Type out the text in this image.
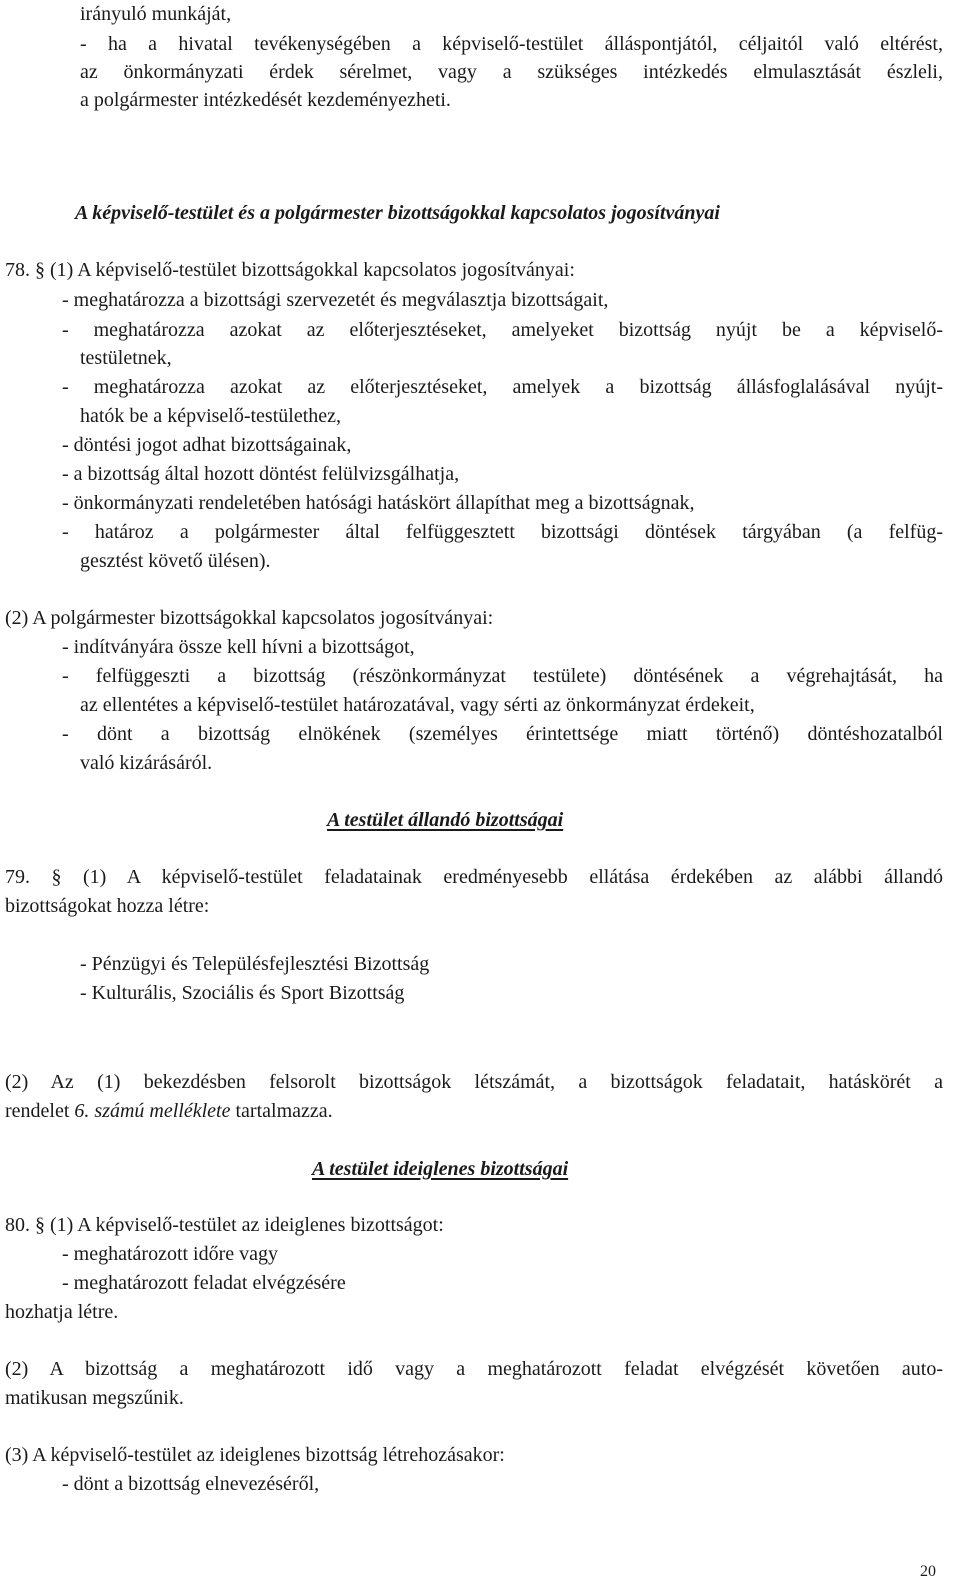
irányuló munkáját,
- ha a hivatal tevékenységében a képviselő-testület álláspontjától, céljaitól való eltérést,
az önkormányzati érdek sérelmet, vagy a szükséges intézkedés elmulasztását észleli,
a polgármester intézkedését kezdeményezheti.
A képviselő-testület és a polgármester bizottságokkal kapcsolatos jogosítványai
78. § (1) A képviselő-testület bizottságokkal kapcsolatos jogosítványai:
- meghatározza a bizottsági szervezetét és megválasztja bizottságait,
- meghatározza azokat az előterjesztéseket, amelyeket bizottság nyújt be a képviselő-
testületnek,
- meghatározza azokat az előterjesztéseket, amelyek a bizottság állásfoglalásával nyújt-
hatók be a képviselő-testülethez,
- döntési jogot adhat bizottságainak,
- a bizottság által hozott döntést felülvizsgálhatja,
- önkormányzati rendeletében hatósági hatáskört állapíthat meg a bizottságnak,
- határoz a polgármester által felfüggesztett bizottsági döntések tárgyában (a felfüg-
gesztést követő ülésen).
(2) A polgármester bizottságokkal kapcsolatos jogosítványai:
- indítványára össze kell hívni a bizottságot,
- felfüggeszti a bizottság (részönkormányzat testülete) döntésének a végrehajtását, ha
az ellentétes a képviselő-testület határozatával, vagy sérti az önkormányzat érdekeit,
- dönt a bizottság elnökének (személyes érintettsége miatt történő) döntéshozatalból
való kizárásáról.
A testület állandó bizottságai
79. § (1) A képviselő-testület feladatainak eredményesebb ellátása érdekében az alábbi állandó
bizottságokat hozza létre:
- Pénzügyi és Településfejlesztési Bizottság
- Kulturális, Szociális és Sport Bizottság
(2) Az (1) bekezdésben felsorolt bizottságok létszámát, a bizottságok feladatait, hatáskörét a
rendelet 6. számú melléklete tartalmazza.
A testület ideiglenes bizottságai
80. § (1) A képviselő-testület az ideiglenes bizottságot:
- meghatározott időre vagy
- meghatározott feladat elvégzésére
hozhatja létre.
(2) A bizottság a meghatározott idő vagy a meghatározott feladat elvégzését követően auto-
matikusan megszűnik.
(3) A képviselő-testület az ideiglenes bizottság létrehozásakor:
- dönt a bizottság elnevezéséről,
20
